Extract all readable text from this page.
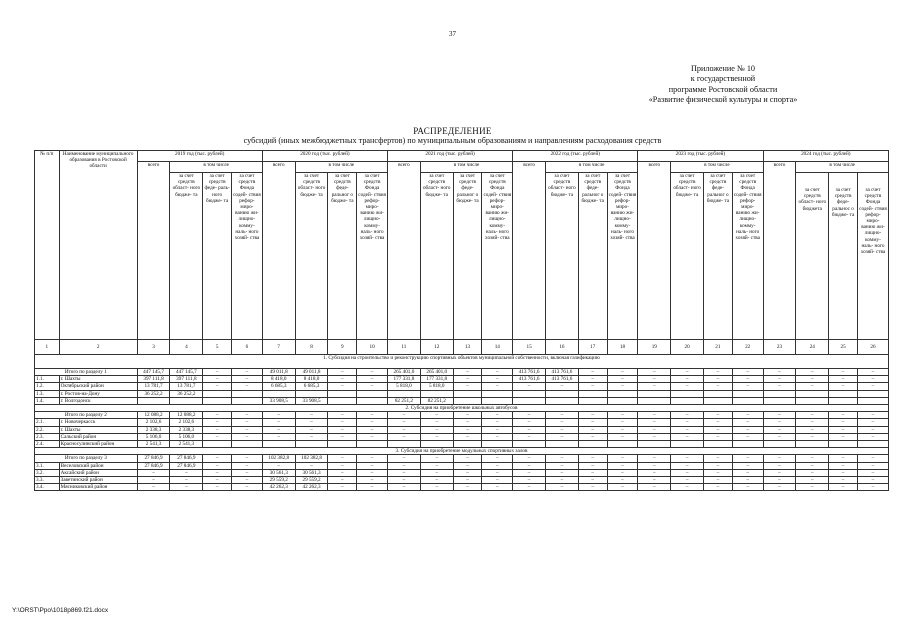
37
Приложение № 10
к государственной
программе Ростовской области
«Развитие физической культуры и спорта»
РАСПРЕДЕЛЕНИЕ
субсидий (иных межбюджетных трансфертов) по муниципальным образованиям и направлениям расходования средств
№ п/п	Наименование муниципального образования в Ростовской области	2019 год (тыс. рублей)				2020 год (тыс. рублей)				2021 год (тыс. рублей)				2022 год (тыс. рублей)				2023 год (тыс. рублей)				2024 год (тыс. рублей)			
		всего	в том числе			всего	в том числе			всего	в том числе			всего	в том числе			всего	в том числе			всего	в том числе		
			за счет средств област- ного бюдже- та	за счет средств феде- раль- ного бюдже- та	за счет средств Фонда содей- ствия рефор- миро- ванию жи- лищно- комму- наль- ного хозяй- ства		за счет средств област- ного бюдже- та	за счет средств феде- ральног о бюдже- та	за счет средств Фонда содей- ствия рефор- миро- ванию жи- лищно- комму- наль- ного хозяй- ства		за счет средств област- ного бюдже- та	за счет средств феде- ральног о бюдже- та	за счет средств Фонда содей- ствия рефор- миро- ванию жи- лищно- комму- наль- ного хозяй- ства		за счет средств област- ного бюдже- та	за счет средств феде- ральног о бюдже- та	за счет средств Фонда содей- ствия рефор- миро- ванию жи- лищно- комму- наль- ного хозяй- ства		за счет средств област- ного бюдже- та	за счет средств феде- ральног о бюдже- та	за счет средств Фонда содей- ствия рефор- миро- ванию жи- лищно- комму- наль- ного хозяй- ства		за счет средств област- ного бюджета	за счет средств феде- ральнос о бюдже- та	за счет средств Фонда содей- ствия рефор- миро- ванию жи- лищно- комму- наль- ного хозяй- ства
1	2	3	4	5	6	7	8	9	10	11	12	13	14	15	16	17	18	19	20	21	22	23	24	25	26
1. Субсидия на строительство и реконструкцию спортивных объектов муниципальной собственности, включая газификацию																									
Итого по разделу 1		447 145,7	447 145,7	–	–	49 011,8	49 011,8	–	–	265 401,0	265 401,0	–	–	413 761,6	413 761,6	–	–	–	–	–	–	–	–	–	–
1.1.	г. Шахты	397 111,8	397 111,8	–	–	8 418,0	8 418,0	–	–	177 331,8	177 331,8	–	–	413 761,6	413 761,6	–	–	–	–	–	–	–	–	–	–
1.2.	Октябрьский район	13 781,7	13 781,7	–	–	6 685,3	6 685,3	–	–	5 818,0	5 818,0	–	–	–	–	–	–	–	–	–	–	–	–	–	–
1.3.	г. Ростов-на-Дону	36 252,2	36 252,2																						
1.4.	г. Волгодонск					33 908,5	33 908,5			82 251,2	82 251,2														
2. Субсидия на приобретение школьных автобусов																									
Итого по разделу 2		12 088,2	12 088,2	–	–	–	–	–	–	–	–	–	–	–	–	–	–	–	–	–	–	–	–	–	–
2.1.	г. Новочеркасск	2 102,6	2 102,6	–	–	–	–	–	–	–	–	–	–	–	–	–	–	–	–	–	–	–	–	–	–
2.2.	г. Шахты	2 338,3	2 338,3	–	–	–	–	–	–	–	–	–	–	–	–	–	–	–	–	–	–	–	–	–	–
2.3.	Сальский район	5 106,0	5 106,0	–	–	–	–	–	–	–	–	–	–	–	–	–	–	–	–	–	–	–	–	–	–
2.4.	Красносулинский район	2 541,3	2 541,3																						
3. Субсидия на приобретение модульных спортивных залов																									
Итого по разделу 3		27 846,9	27 846,9	–	–	102 382,8	102 382,8	–	–	–	–	–	–	–	–	–	–	–	–	–	–	–	–	–	–
3.1.	Веселовский район	27 846,9	27 846,9	–	–	–	–	–	–	–	–	–	–	–	–	–	–	–	–	–	–	–	–	–	–
3.2.	Аксайский район	–	–	–	–	30 561,3	30 561,3	–	–	–	–	–	–	–	–	–	–	–	–	–	–	–	–	–	–
3.3.	Заветинский район	–	–	–	–	29 559,2	29 559,2	–	–	–	–	–	–	–	–	–	–	–	–	–	–	–	–	–	–
3.4.	Мясниковский район	–	–	–	–	42 262,3	42 262,3	–	–	–	–	–	–	–	–	–	–	–	–	–	–	–	–	–	–
Y:\ORST\Ppo\1018p869.f21.docx
